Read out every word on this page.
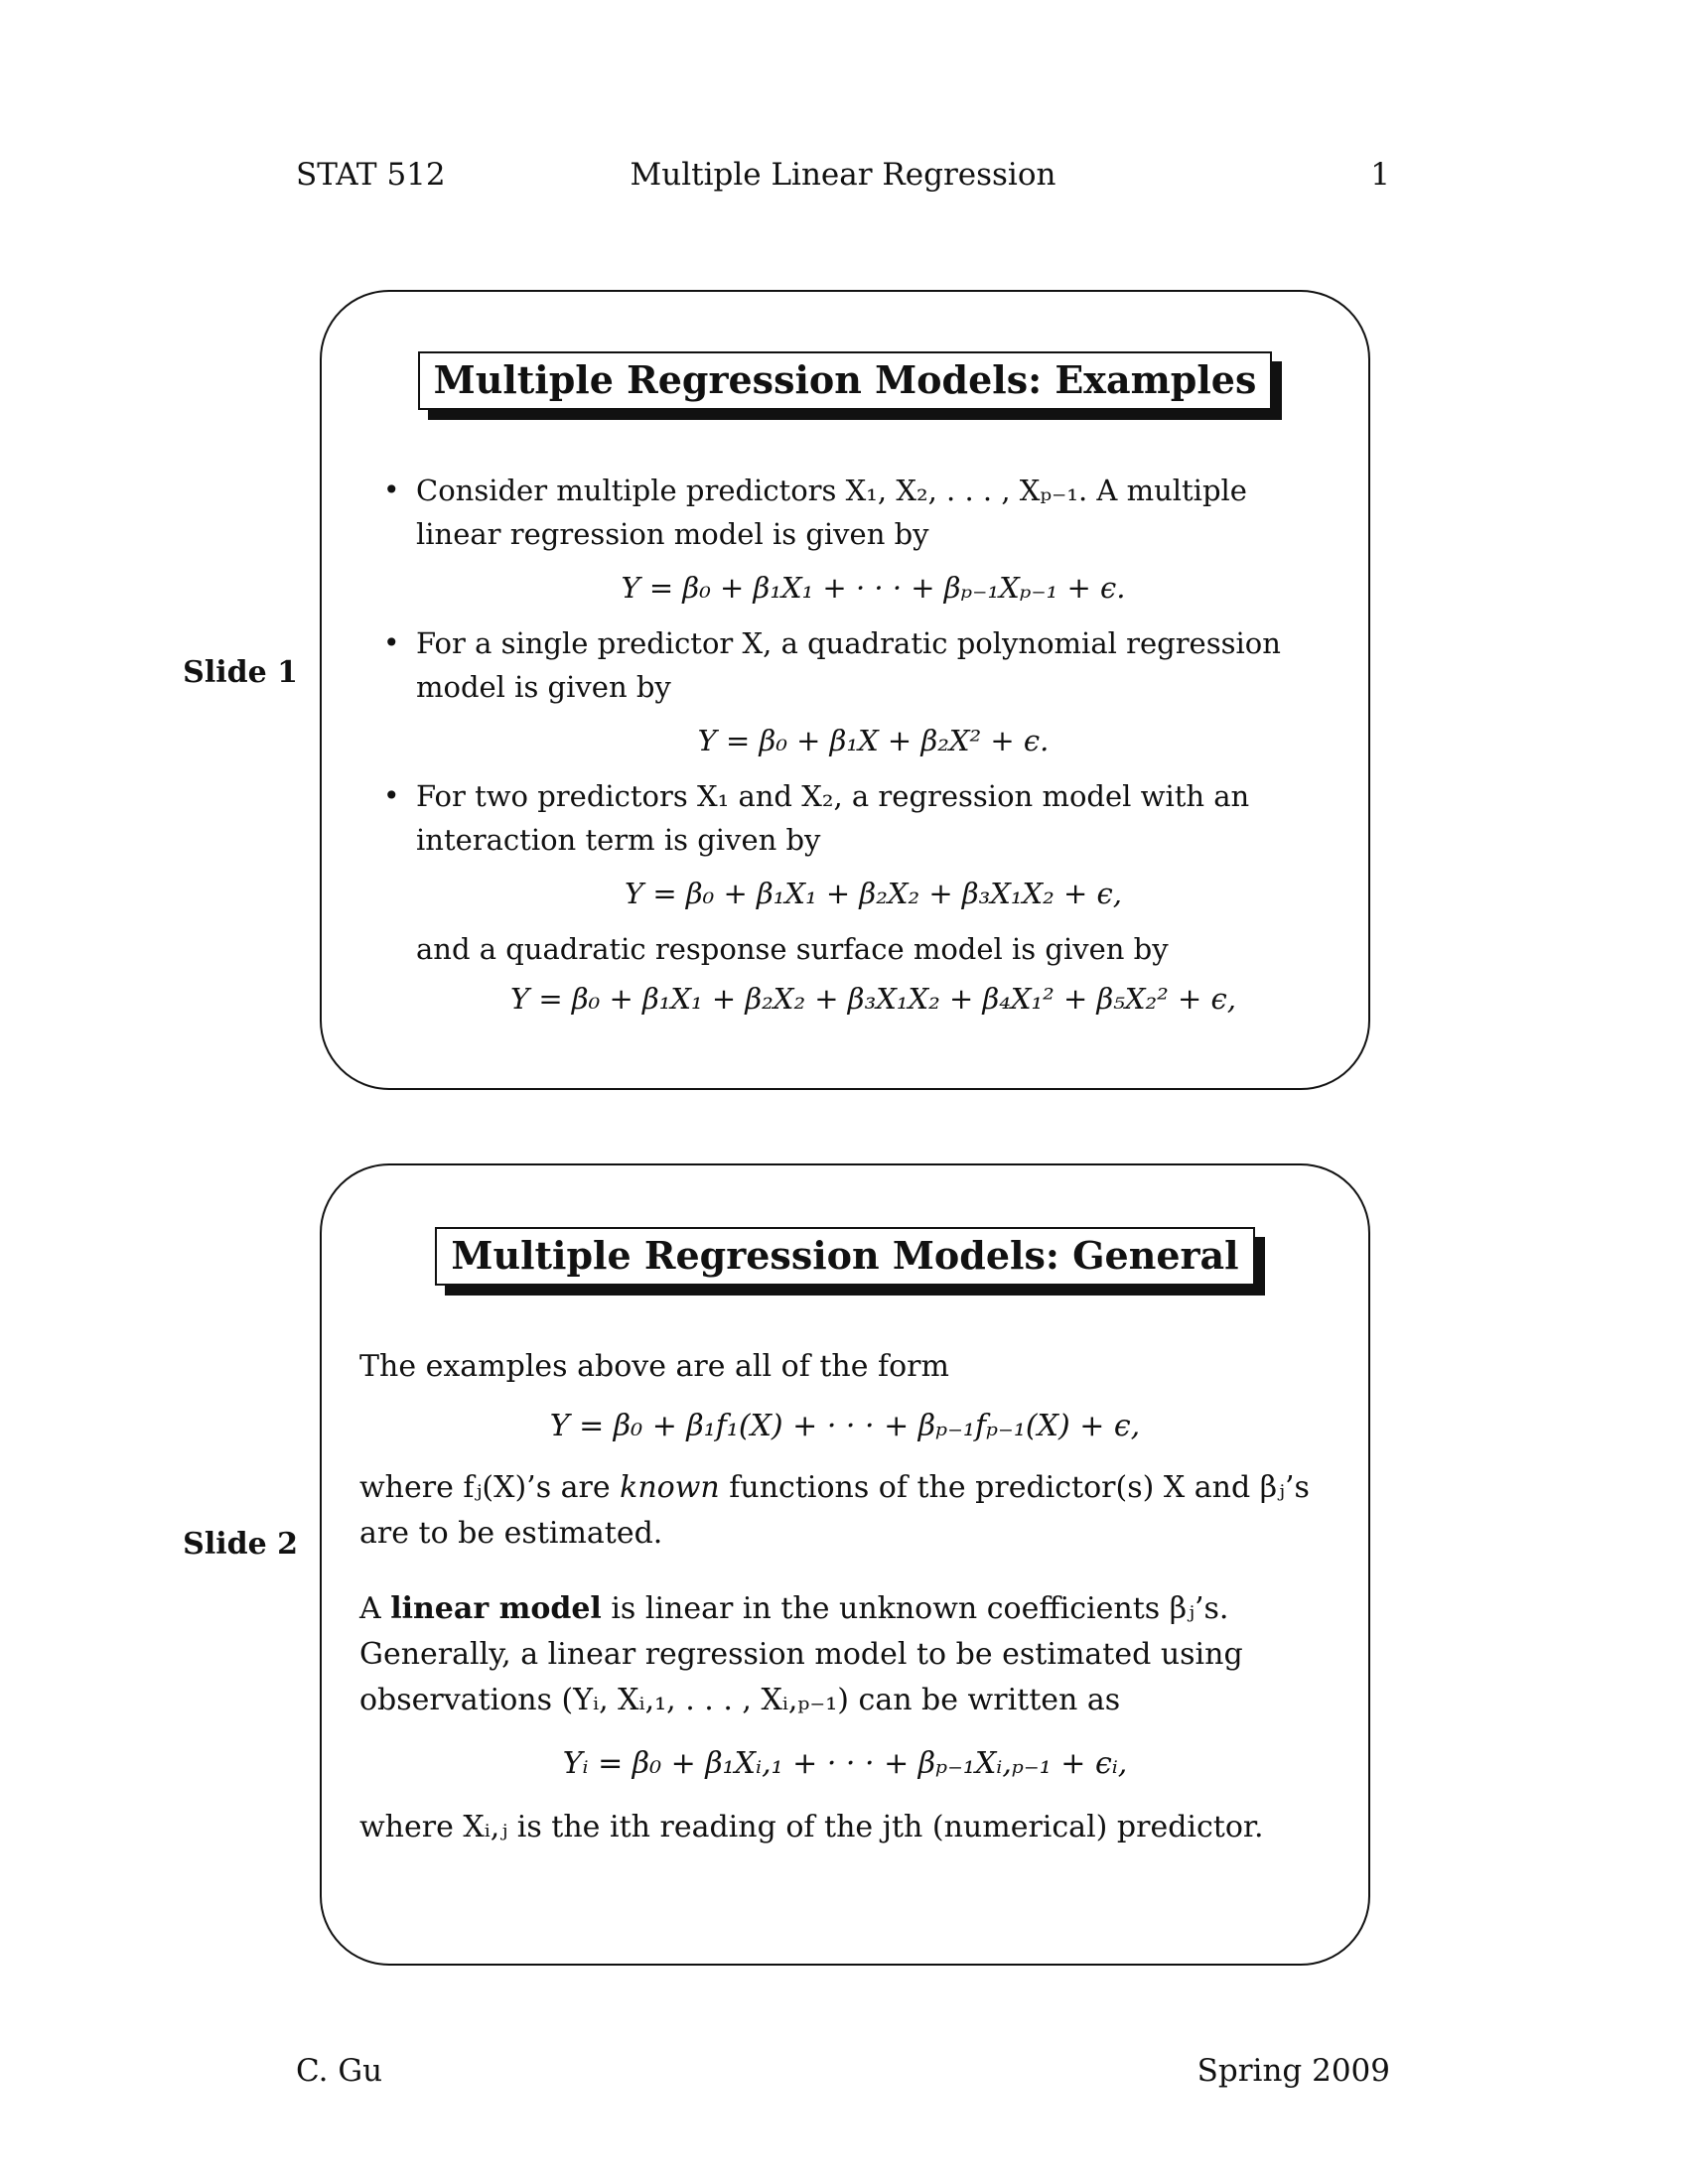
STAT 512	Multiple Linear Regression	1
Slide 1
Multiple Regression Models: Examples
• Consider multiple predictors X₁, X₂, . . . , Xₚ₋₁. A multiple linear regression model is given by
Y = β₀ + β₁X₁ + · · · + βₚ₋₁Xₚ₋₁ + ϵ.
• For a single predictor X, a quadratic polynomial regression model is given by
Y = β₀ + β₁X + β₂X² + ϵ.
• For two predictors X₁ and X₂, a regression model with an interaction term is given by
Y = β₀ + β₁X₁ + β₂X₂ + β₃X₁X₂ + ϵ,
and a quadratic response surface model is given by
Y = β₀ + β₁X₁ + β₂X₂ + β₃X₁X₂ + β₄X₁² + β₅X₂² + ϵ,
Slide 2
Multiple Regression Models: General
The examples above are all of the form
Y = β₀ + β₁f₁(X) + · · · + βₚ₋₁fₚ₋₁(X) + ϵ,
where fⱼ(X)’s are known functions of the predictor(s) X and βⱼ’s are to be estimated.
A linear model is linear in the unknown coefficients βⱼ’s. Generally, a linear regression model to be estimated using observations (Yᵢ, Xᵢ,₁, . . . , Xᵢ,ₚ₋₁) can be written as
Yᵢ = β₀ + β₁Xᵢ,₁ + · · · + βₚ₋₁Xᵢ,ₚ₋₁ + ϵᵢ,
where Xᵢ,ⱼ is the ith reading of the jth (numerical) predictor.
C. Gu	Spring 2009
